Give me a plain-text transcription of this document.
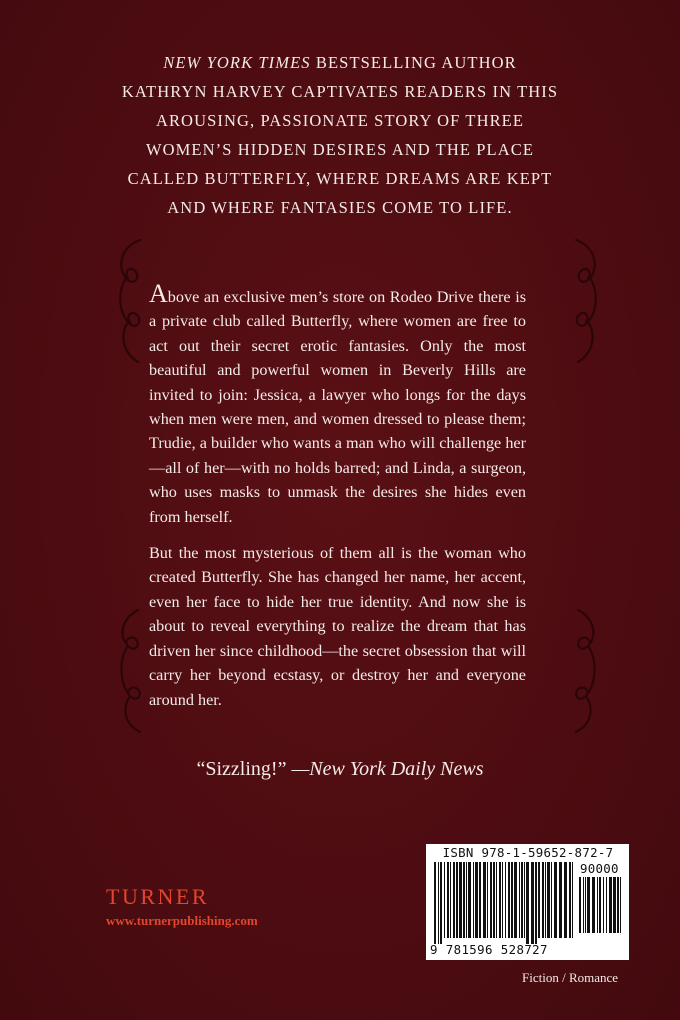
NEW YORK TIMES BESTSELLING AUTHOR KATHRYN HARVEY CAPTIVATES READERS IN THIS AROUSING, PASSIONATE STORY OF THREE WOMEN’S HIDDEN DESIRES AND THE PLACE CALLED BUTTERFLY, WHERE DREAMS ARE KEPT AND WHERE FANTASIES COME TO LIFE.

Above an exclusive men’s store on Rodeo Drive there is a private club called Butterfly, where women are free to act out their secret erotic fantasies. Only the most beautiful and powerful women in Beverly Hills are invited to join: Jessica, a lawyer who longs for the days when men were men, and women dressed to please them; Trudie, a builder who wants a man who will challenge her—all of her—with no holds barred; and Linda, a surgeon, who uses masks to unmask the desires she hides even from herself.

But the most mysterious of them all is the woman who created Butterfly. She has changed her name, her accent, even her face to hide her true identity. And now she is about to reveal everything to realize the dream that has driven her since childhood—the secret obsession that will carry her beyond ecstasy, or destroy her and everyone around her.

“Sizzling!” —New York Daily News
TURNER
www.turnerpublishing.com
ISBN 978-1-59652-872-7
90000
9 781596 528727
Fiction / Romance
